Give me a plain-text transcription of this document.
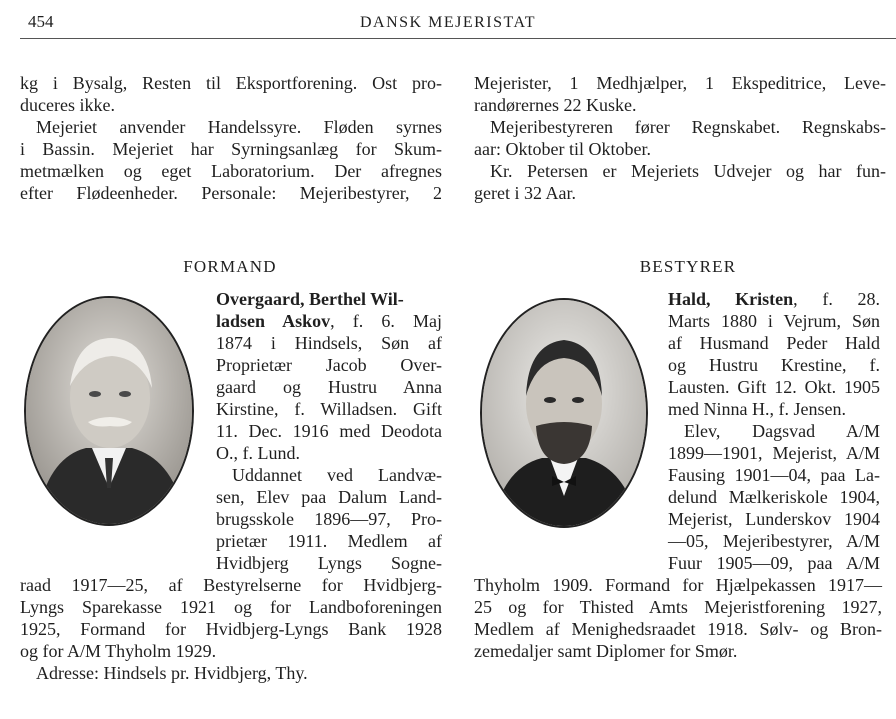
454	DANSK MEJERISTAT
kg i Bysalg, Resten til Eksportforening. Ost pro-
duceres ikke.
Mejeriet anvender Handelssyre. Fløden syrnes
i Bassin. Mejeriet har Syrningsanlæg for Skum-
metmælken og eget Laboratorium. Der afregnes
efter Flødeenheder. Personale: Mejeribestyrer, 2
Mejerister, 1 Medhjælper, 1 Ekspeditrice, Leve-
randørernes 22 Kuske.
Mejeribestyreren fører Regnskabet. Regnskabs-
aar: Oktober til Oktober.
Kr. Petersen er Mejeriets Udvejer og har fun-
geret i 32 Aar.
FORMAND	BESTYRER
Overgaard, Berthel Wil-
ladsen Askov, f. 6. Maj
1874 i Hindsels, Søn af
Proprietær Jacob Over-
gaard og Hustru Anna
Kirstine, f. Willadsen. Gift
11. Dec. 1916 med Deodota
O., f. Lund.
Uddannet ved Landvæ-
sen, Elev paa Dalum Land-
brugsskole 1896—97, Pro-
prietær 1911. Medlem af
Hvidbjerg Lyngs Sogne-
raad 1917—25, af Bestyrelserne for Hvidbjerg-
Lyngs Sparekasse 1921 og for Landboforeningen
1925, Formand for Hvidbjerg-Lyngs Bank 1928
og for A/M Thyholm 1929.
Adresse: Hindsels pr. Hvidbjerg, Thy.
Hald, Kristen, f. 28.
Marts 1880 i Vejrum, Søn
af Husmand Peder Hald
og Hustru Krestine, f.
Lausten. Gift 12. Okt. 1905
med Ninna H., f. Jensen.
Elev, Dagsvad A/M
1899—1901, Mejerist, A/M
Fausing 1901—04, paa La-
delund Mælkeriskole 1904,
Mejerist, Lunderskov 1904
—05, Mejeribestyrer, A/M
Fuur 1905—09, paa A/M
Thyholm 1909. Formand for Hjælpekassen 1917—
25 og for Thisted Amts Mejeristforening 1927,
Medlem af Menighedsraadet 1918. Sølv- og Bron-
zemedaljer samt Diplomer for Smør.
